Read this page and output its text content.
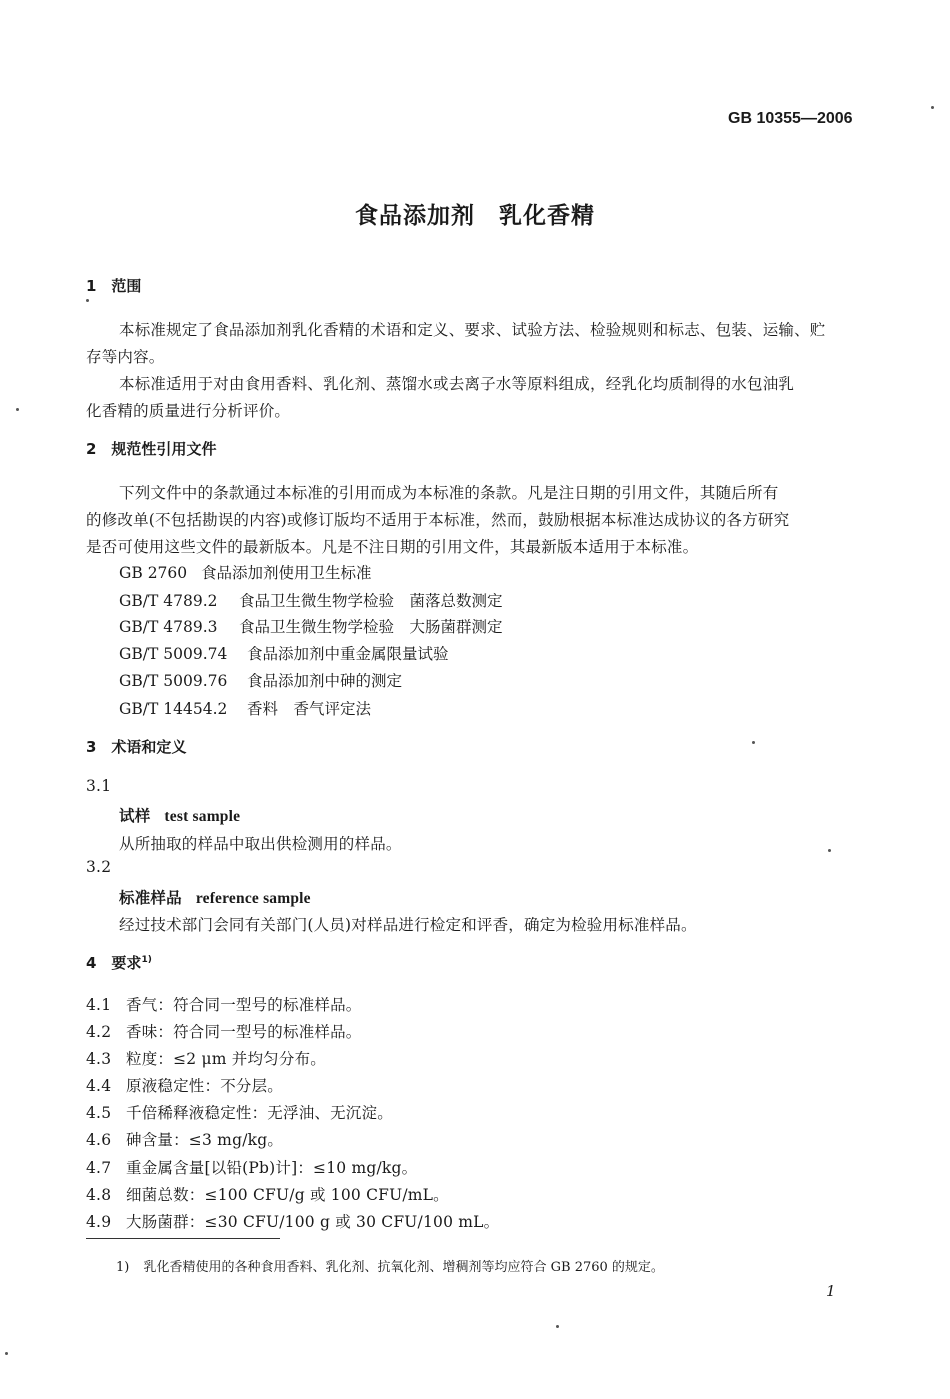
GB 10355—2006
食品添加剂　乳化香精
1　范围
本标准规定了食品添加剂乳化香精的术语和定义、要求、试验方法、检验规则和标志、包装、运输、贮
存等内容。
本标准适用于对由食用香料、乳化剂、蒸馏水或去离子水等原料组成，经乳化均质制得的水包油乳
化香精的质量进行分析评价。
2　规范性引用文件
下列文件中的条款通过本标准的引用而成为本标准的条款。凡是注日期的引用文件，其随后所有
的修改单(不包括勘误的内容)或修订版均不适用于本标准，然而，鼓励根据本标准达成协议的各方研究
是否可使用这些文件的最新版本。凡是不注日期的引用文件，其最新版本适用于本标准。
GB 2760 食品添加剂使用卫生标准
GB/T 4789.2 食品卫生微生物学检验　菌落总数测定
GB/T 4789.3 食品卫生微生物学检验　大肠菌群测定
GB/T 5009.74 食品添加剂中重金属限量试验
GB/T 5009.76 食品添加剂中砷的测定
GB/T 14454.2 香料　香气评定法
3　术语和定义
3.1
试样 test sample
从所抽取的样品中取出供检测用的样品。
3.2
标准样品 reference sample
经过技术部门会同有关部门(人员)对样品进行检定和评香，确定为检验用标准样品。
4　要求$^{1)}$
4.1 香气：符合同一型号的标准样品。
4.2 香味：符合同一型号的标准样品。
4.3 粒度：≤2 μm 并均匀分布。
4.4 原液稳定性：不分层。
4.5 千倍稀释液稳定性：无浮油、无沉淀。
4.6 砷含量：≤3 mg/kg。
4.7 重金属含量[以铅(Pb)计]：≤10 mg/kg。
4.8 细菌总数：≤100 CFU/g 或 100 CFU/mL。
4.9 大肠菌群：≤30 CFU/100 g 或 30 CFU/100 mL。
1) 乳化香精使用的各种食用香料、乳化剂、抗氧化剂、增稠剂等均应符合 GB 2760 的规定。
1
